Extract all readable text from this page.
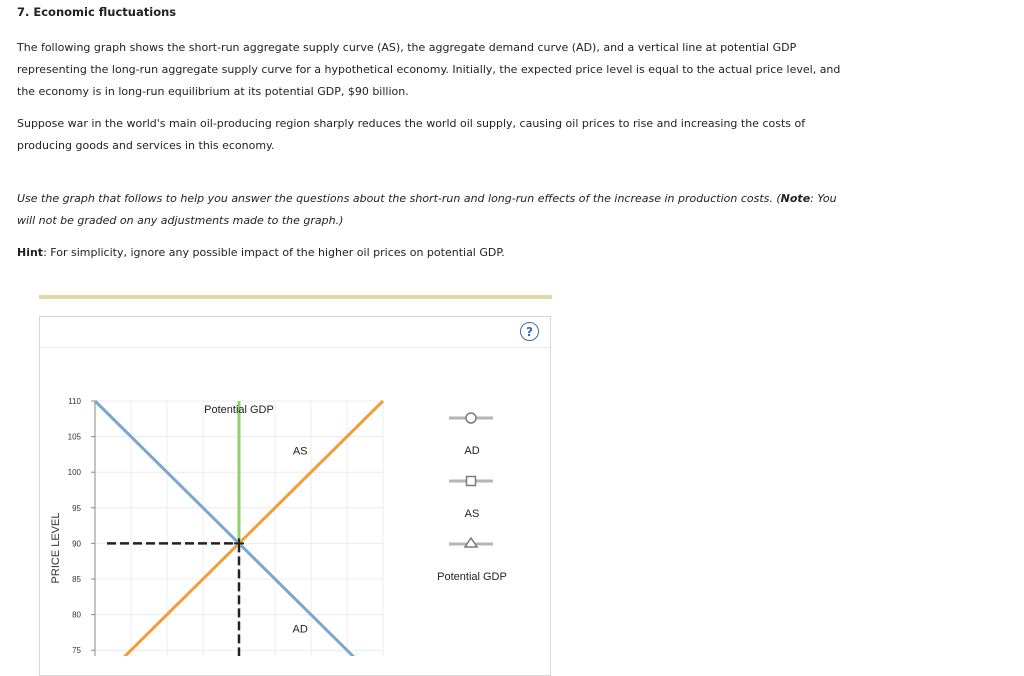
7. Economic fluctuations

The following graph shows the short-run aggregate supply curve (AS), the aggregate demand curve (AD), and a vertical line at potential GDP representing the long-run aggregate supply curve for a hypothetical economy. Initially, the expected price level is equal to the actual price level, and the economy is in long-run equilibrium at its potential GDP, $90 billion.

Suppose war in the world's main oil-producing region sharply reduces the world oil supply, causing oil prices to rise and increasing the costs of producing goods and services in this economy.

Use the graph that follows to help you answer the questions about the short-run and long-run effects of the increase in production costs. (Note: You will not be graded on any adjustments made to the graph.)

Hint: For simplicity, ignore any possible impact of the higher oil prices on potential GDP.

?
75
80
85
90
95
100
105
110
PRICE LEVEL
Potential GDP
AS
AD
AD
AS
Potential GDP
